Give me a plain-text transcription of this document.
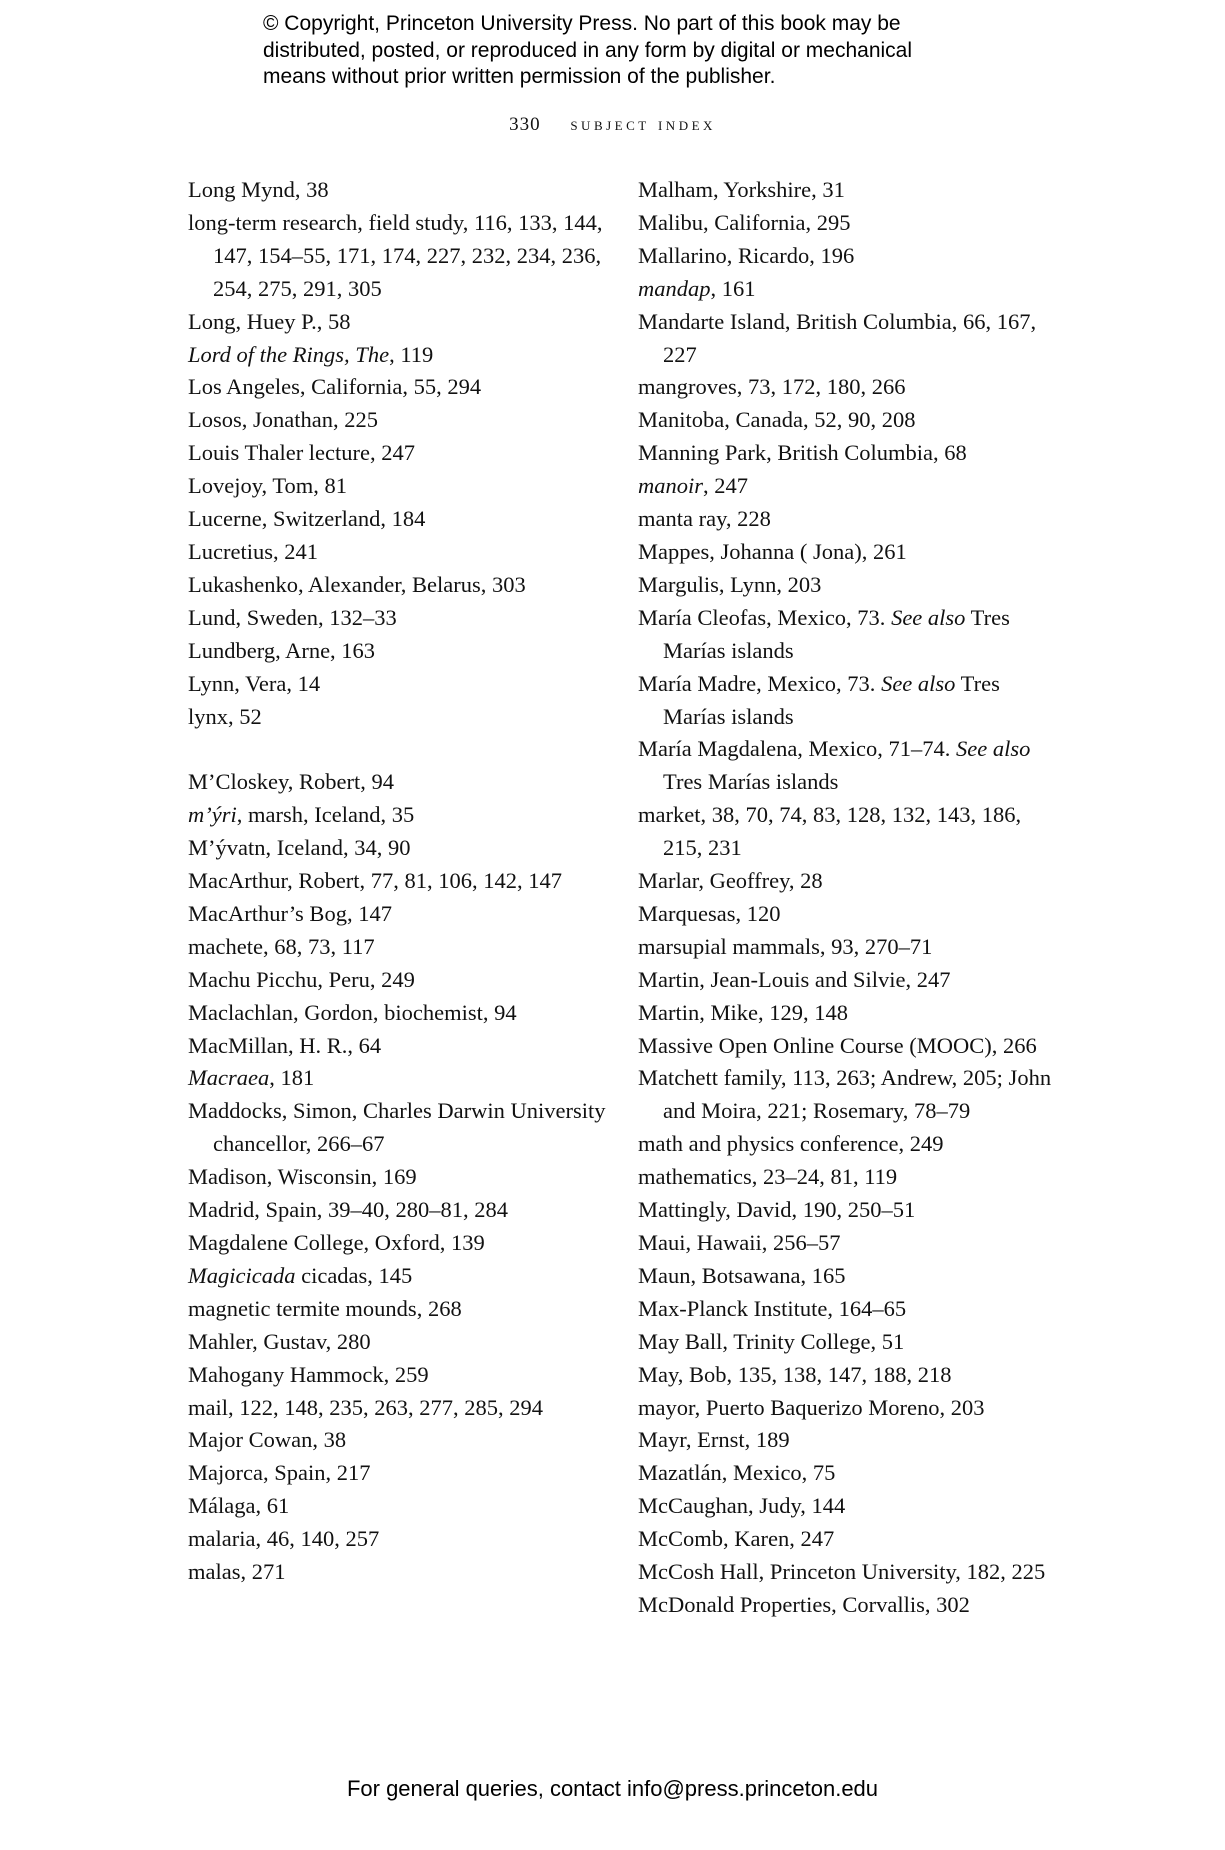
© Copyright, Princeton University Press. No part of this book may be
distributed, posted, or reproduced in any form by digital or mechanical
means without prior written permission of the publisher.
330 subject index
Long Mynd, 38
long-term research, field study, 116, 133, 144, 147, 154–55, 171, 174, 227, 232, 234, 236, 254, 275, 291, 305
Long, Huey P., 58
Lord of the Rings, The, 119
Los Angeles, California, 55, 294
Losos, Jonathan, 225
Louis Thaler lecture, 247
Lovejoy, Tom, 81
Lucerne, Switzerland, 184
Lucretius, 241
Lukashenko, Alexander, Belarus, 303
Lund, Sweden, 132–33
Lundberg, Arne, 163
Lynn, Vera, 14
lynx, 52
M’Closkey, Robert, 94
m’ýri, marsh, Iceland, 35
M’ývatn, Iceland, 34, 90
MacArthur, Robert, 77, 81, 106, 142, 147
MacArthur’s Bog, 147
machete, 68, 73, 117
Machu Picchu, Peru, 249
Maclachlan, Gordon, biochemist, 94
MacMillan, H. R., 64
Macraea, 181
Maddocks, Simon, Charles Darwin University chancellor, 266–67
Madison, Wisconsin, 169
Madrid, Spain, 39–40, 280–81, 284
Magdalene College, Oxford, 139
Magicicada cicadas, 145
magnetic termite mounds, 268
Mahler, Gustav, 280
Mahogany Hammock, 259
mail, 122, 148, 235, 263, 277, 285, 294
Major Cowan, 38
Majorca, Spain, 217
Málaga, 61
malaria, 46, 140, 257
malas, 271
Malham, Yorkshire, 31
Malibu, California, 295
Mallarino, Ricardo, 196
mandap, 161
Mandarte Island, British Columbia, 66, 167, 227
mangroves, 73, 172, 180, 266
Manitoba, Canada, 52, 90, 208
Manning Park, British Columbia, 68
manoir, 247
manta ray, 228
Mappes, Johanna ( Jona), 261
Margulis, Lynn, 203
María Cleofas, Mexico, 73. See also Tres Marías islands
María Madre, Mexico, 73. See also Tres Marías islands
María Magdalena, Mexico, 71–74. See also Tres Marías islands
market, 38, 70, 74, 83, 128, 132, 143, 186, 215, 231
Marlar, Geoffrey, 28
Marquesas, 120
marsupial mammals, 93, 270–71
Martin, Jean-Louis and Silvie, 247
Martin, Mike, 129, 148
Massive Open Online Course (MOOC), 266
Matchett family, 113, 263; Andrew, 205; John and Moira, 221; Rosemary, 78–79
math and physics conference, 249
mathematics, 23–24, 81, 119
Mattingly, David, 190, 250–51
Maui, Hawaii, 256–57
Maun, Botsawana, 165
Max-Planck Institute, 164–65
May Ball, Trinity College, 51
May, Bob, 135, 138, 147, 188, 218
mayor, Puerto Baquerizo Moreno, 203
Mayr, Ernst, 189
Mazatlán, Mexico, 75
McCaughan, Judy, 144
McComb, Karen, 247
McCosh Hall, Princeton University, 182, 225
McDonald Properties, Corvallis, 302
For general queries, contact info@press.princeton.edu
